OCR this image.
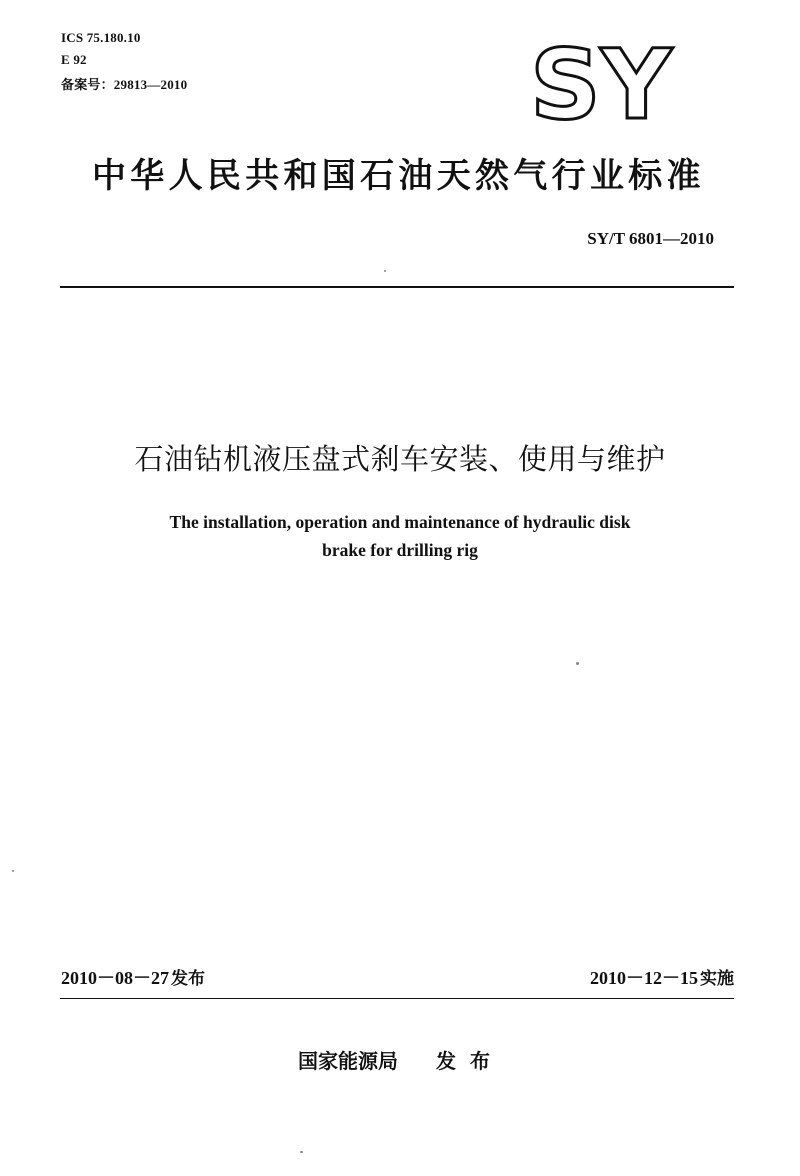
ICS 75.180.10
E 92
备案号：29813—2010	SY
中华人民共和国石油天然气行业标准
SY/T 6801—2010
石油钻机液压盘式刹车安装、使用与维护
The installation, operation and maintenance of hydraulic disk
brake for drilling rig
2010－08－27 发布	2010－12－15 实施
国家能源局 发布
